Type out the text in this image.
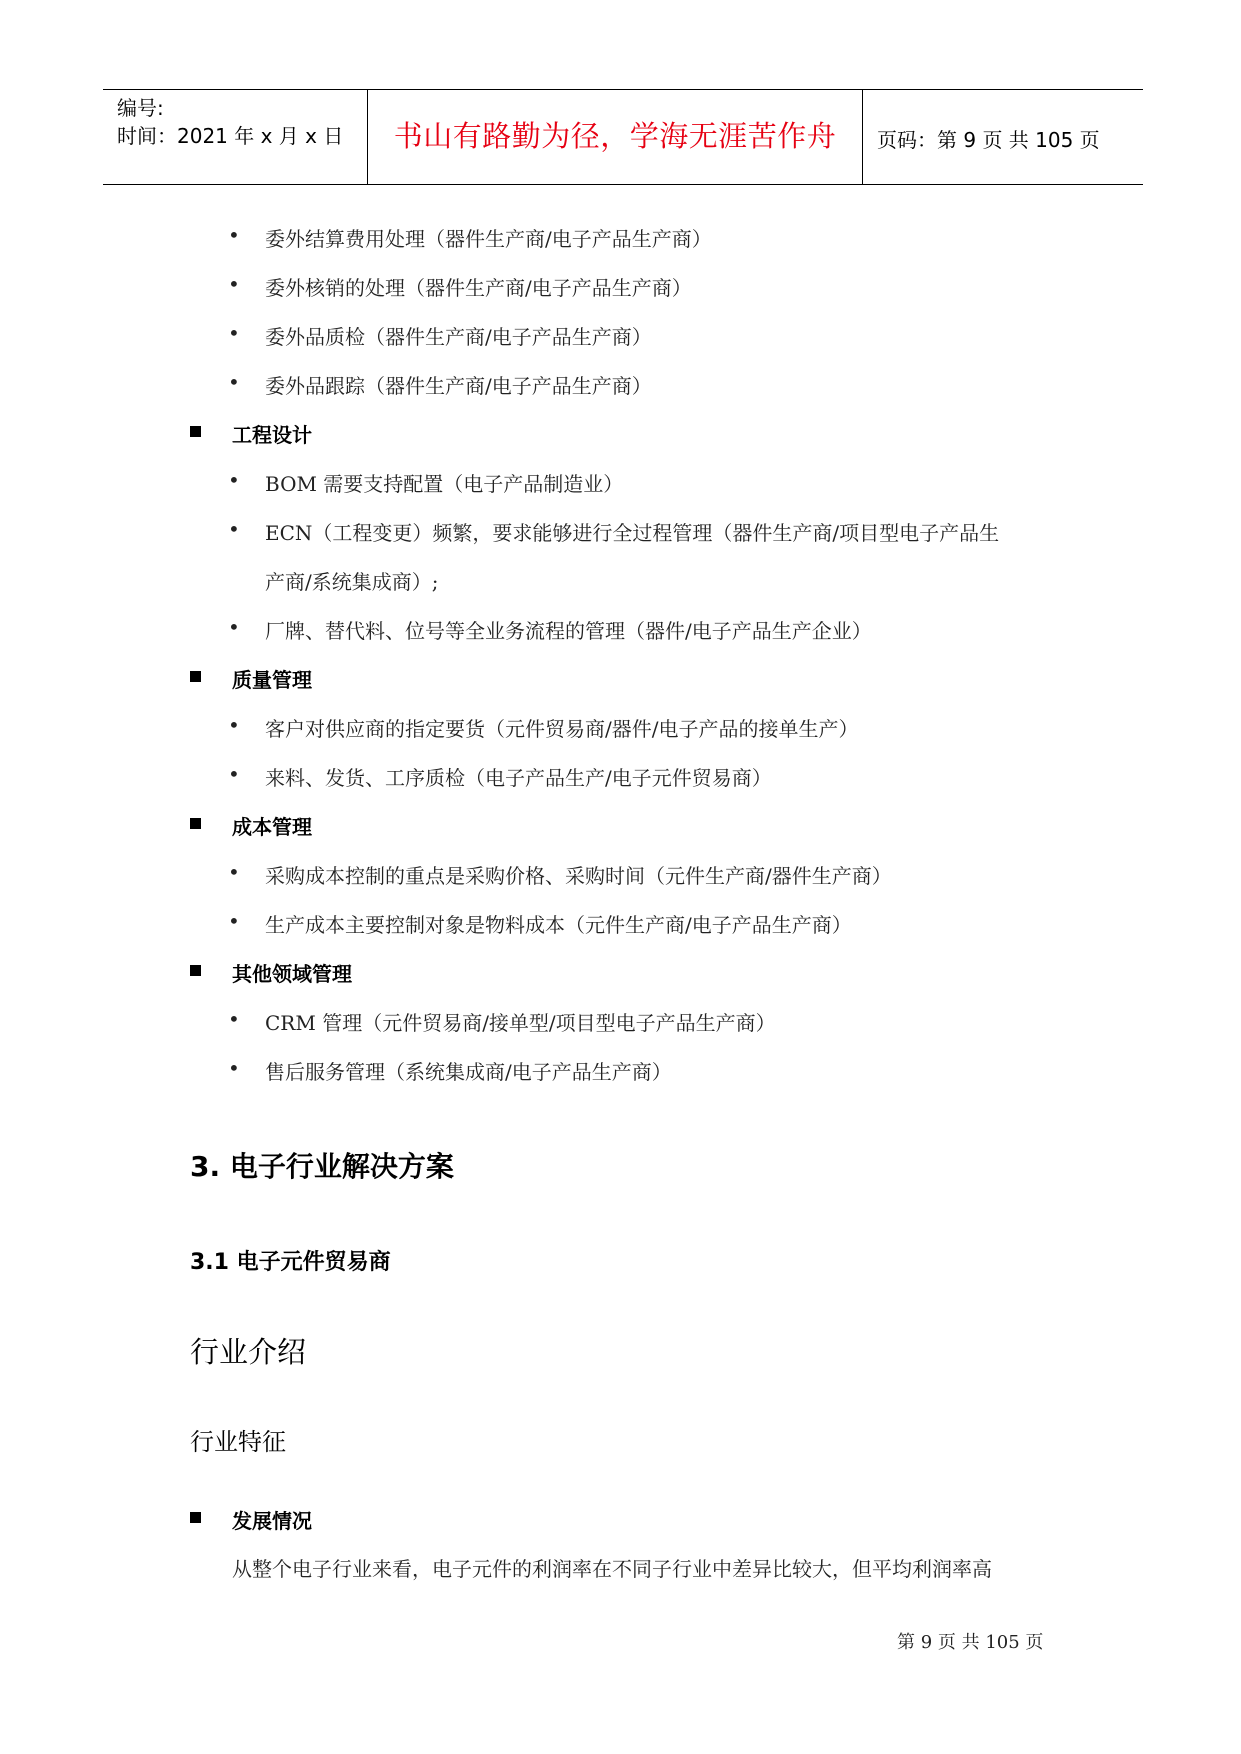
编号:
时间：2021 年 x 月 x 日	书山有路勤为径，学海无涯苦作舟	页码：第 9 页 共 105 页
• 委外结算费用处理（器件生产商/电子产品生产商）
• 委外核销的处理（器件生产商/电子产品生产商）
• 委外品质检（器件生产商/电子产品生产商）
• 委外品跟踪（器件生产商/电子产品生产商）
工程设计
• BOM 需要支持配置（电子产品制造业）
• ECN（工程变更）频繁，要求能够进行全过程管理（器件生产商/项目型电子产品生
产商/系统集成商）;
• 厂牌、替代料、位号等全业务流程的管理（器件/电子产品生产企业）
质量管理
• 客户对供应商的指定要货（元件贸易商/器件/电子产品的接单生产）
• 来料、发货、工序质检（电子产品生产/电子元件贸易商）
成本管理
• 采购成本控制的重点是采购价格、采购时间（元件生产商/器件生产商）
• 生产成本主要控制对象是物料成本（元件生产商/电子产品生产商）
其他领域管理
• CRM 管理（元件贸易商/接单型/项目型电子产品生产商）
• 售后服务管理（系统集成商/电子产品生产商）
3. 电子行业解决方案
3.1 电子元件贸易商
行业介绍
行业特征
发展情况
从整个电子行业来看，电子元件的利润率在不同子行业中差异比较大，但平均利润率高
第 9 页 共 105 页
